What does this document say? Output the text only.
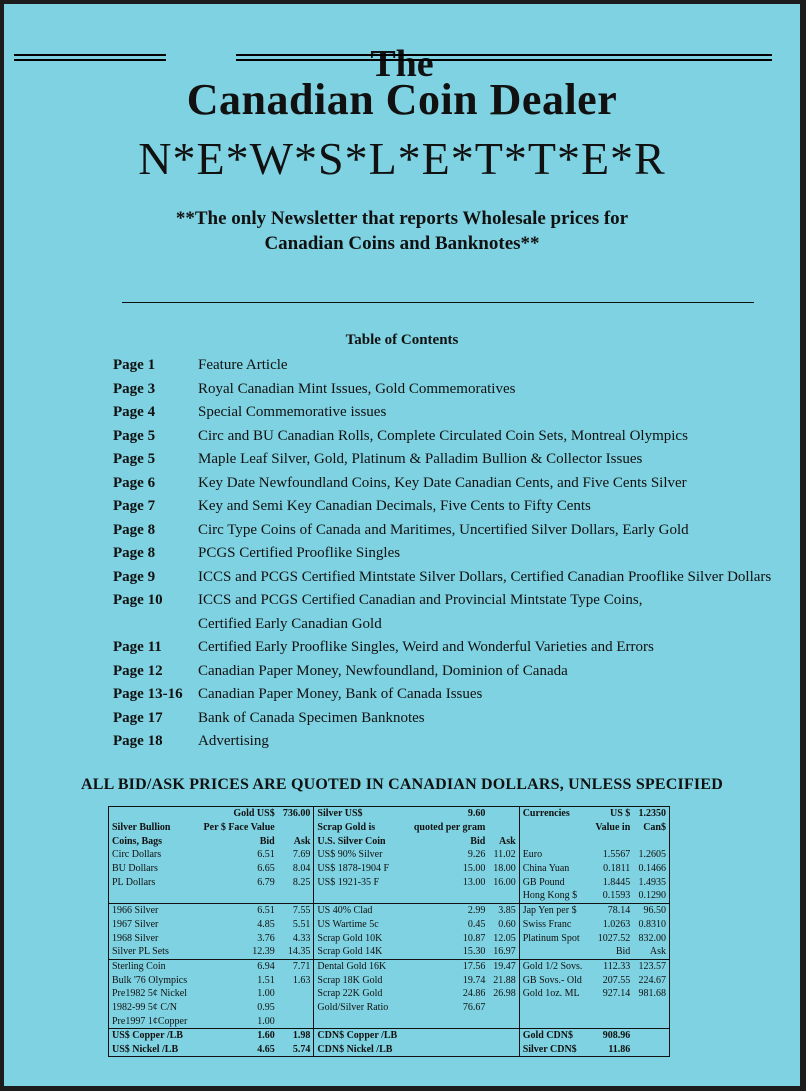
The
Canadian Coin Dealer
N*E*W*S*L*E*T*T*E*R
**The only Newsletter that reports Wholesale prices for
Canadian Coins and Banknotes**
Table of Contents
Page 1	Feature Article
Page 3	Royal Canadian Mint Issues, Gold Commemoratives
Page 4	Special Commemorative issues
Page 5	Circ and BU Canadian Rolls, Complete Circulated Coin Sets, Montreal Olympics
Page 5	Maple Leaf Silver, Gold, Platinum & Palladim Bullion & Collector Issues
Page 6	Key Date Newfoundland Coins, Key Date Canadian Cents, and Five Cents Silver
Page 7	Key and Semi Key Canadian Decimals, Five Cents to Fifty Cents
Page 8	Circ Type Coins of Canada and Maritimes, Uncertified Silver Dollars, Early Gold
Page 8	PCGS Certified Prooflike Singles
Page 9	ICCS and PCGS Certified Mintstate Silver Dollars, Certified Canadian Prooflike Silver Dollars
Page 10	ICCS and PCGS Certified Canadian and Provincial Mintstate Type Coins,
Certified Early Canadian Gold
Page 11	Certified Early Prooflike Singles, Weird and Wonderful Varieties and Errors
Page 12	Canadian Paper Money, Newfoundland, Dominion of Canada
Page 13-16	Canadian Paper Money, Bank of Canada Issues
Page 17	Bank of Canada Specimen Banknotes
Page 18	Advertising
ALL BID/ASK PRICES ARE QUOTED IN CANADIAN DOLLARS, UNLESS SPECIFIED
	Gold US$	736.00	Silver US$	9.60		Currencies	US $	1.2350
Silver Bullion	Per $ Face Value		Scrap Gold is	quoted per gram			Value in	Can$
Coins, Bags	Bid	Ask	U.S. Silver Coin	Bid	Ask			
Circ Dollars	6.51	7.69	US$ 90% Silver	9.26	11.02	Euro	1.5567	1.2605
BU Dollars	6.65	8.04	US$ 1878-1904 F	15.00	18.00	China Yuan	0.1811	0.1466
PL Dollars	6.79	8.25	US$ 1921-35 F	13.00	16.00	GB Pound	1.8445	1.4935
						Hong Kong $	0.1593	0.1290
1966 Silver	6.51	7.55	US 40% Clad	2.99	3.85	Jap Yen per $	78.14	96.50
1967 Silver	4.85	5.51	US Wartime 5c	0.45	0.60	Swiss Franc	1.0263	0.8310
1968 Silver	3.76	4.33	Scrap Gold 10K	10.87	12.05	Platinum Spot	1027.52	832.00
Silver PL Sets	12.39	14.35	Scrap Gold 14K	15.30	16.97		Bid	Ask
Sterling Coin	6.94	7.71	Dental Gold 16K	17.56	19.47	Gold 1/2 Sovs.	112.33	123.57
Bulk '76 Olympics	1.51	1.63	Scrap 18K Gold	19.74	21.88	GB Sovs.- Old	207.55	224.67
Pre1982 5¢ Nickel	1.00		Scrap 22K Gold	24.86	26.98	Gold 1oz. ML	927.14	981.68
1982-99 5¢ C/N	0.95		Gold/Silver Ratio	76.67				
Pre1997 1¢Copper	1.00							
US$ Copper /LB	1.60	1.98	CDN$ Copper /LB			Gold CDN$	908.96	
US$ Nickel /LB	4.65	5.74	CDN$ Nickel /LB			Silver CDN$	11.86	
